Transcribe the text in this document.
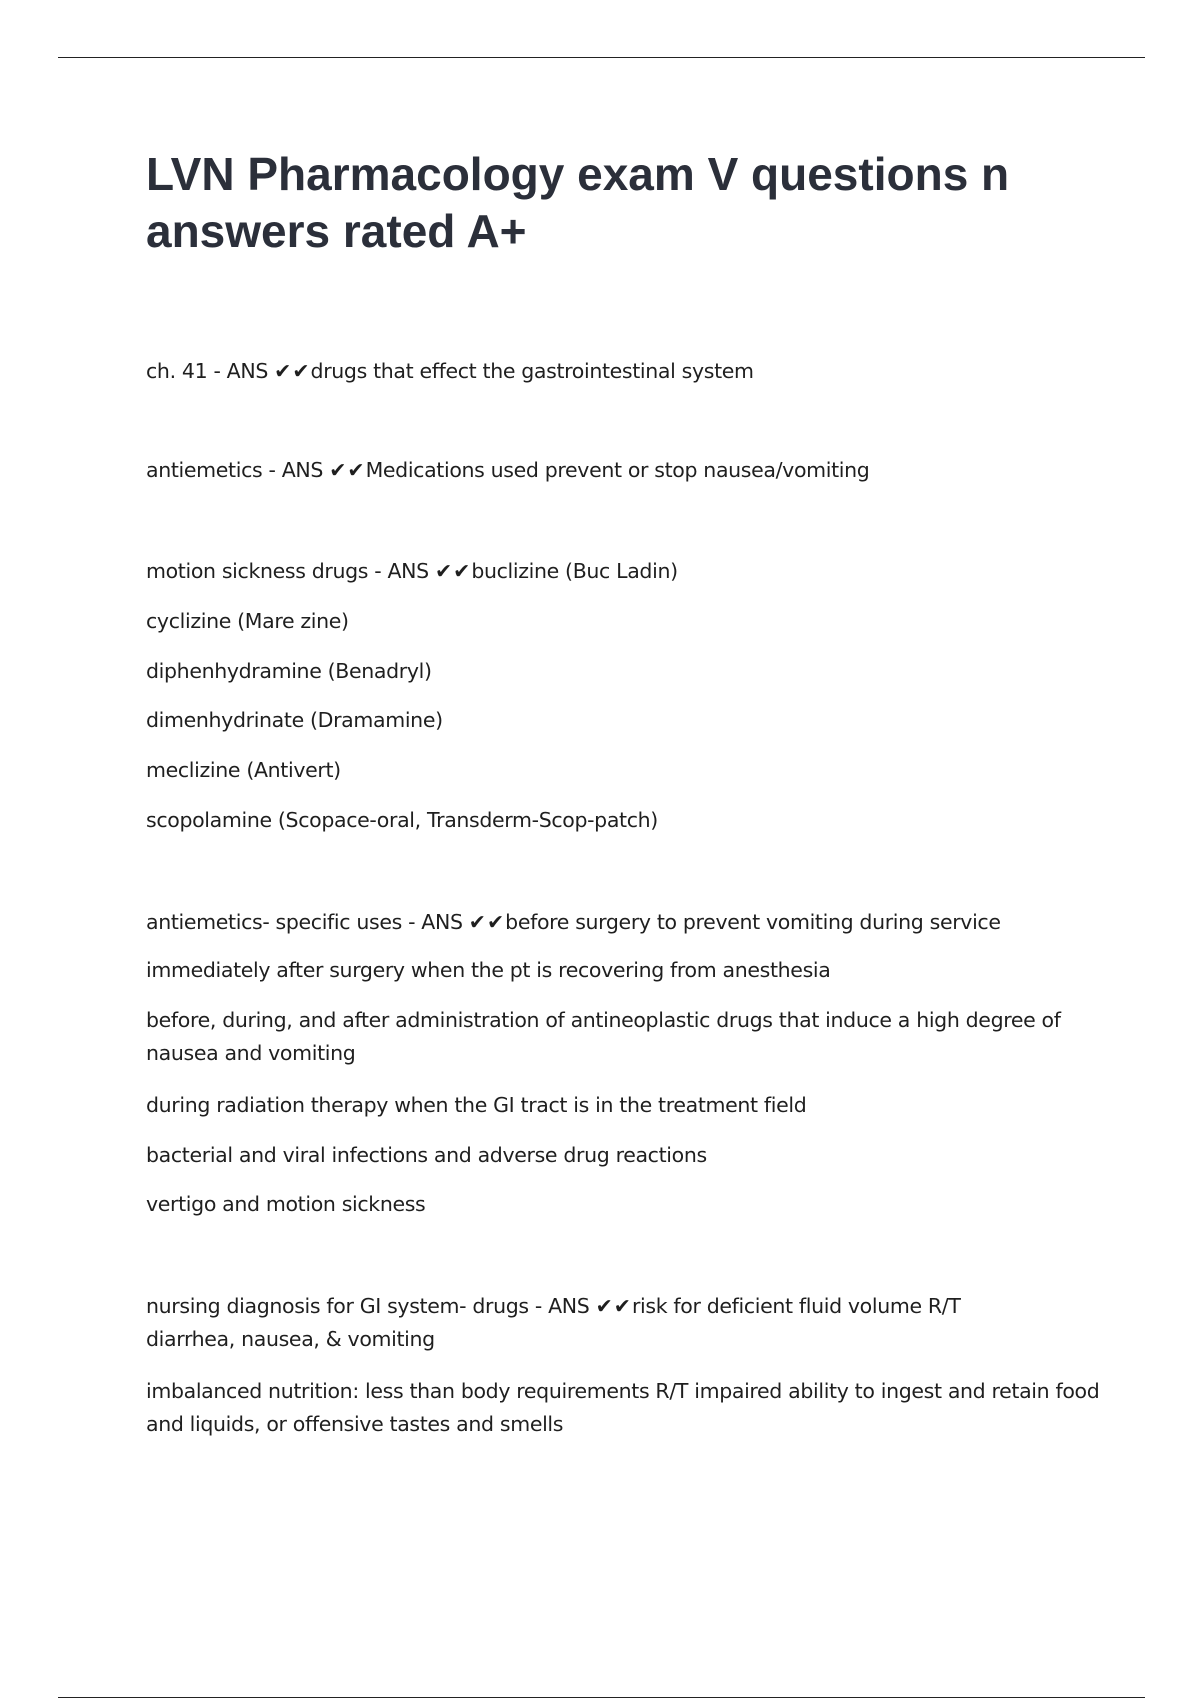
LVN Pharmacology exam V questions n answers rated A+

ch. 41 - ANS ✔✔drugs that effect the gastrointestinal system

antiemetics - ANS ✔✔Medications used prevent or stop nausea/vomiting

motion sickness drugs - ANS ✔✔buclizine (Buc Ladin)

cyclizine (Mare zine)

diphenhydramine (Benadryl)

dimenhydrinate (Dramamine)

meclizine (Antivert)

scopolamine (Scopace-oral, Transderm-Scop-patch)

antiemetics- specific uses - ANS ✔✔before surgery to prevent vomiting during service

immediately after surgery when the pt is recovering from anesthesia

before, during, and after administration of antineoplastic drugs that induce a high degree of nausea and vomiting

during radiation therapy when the GI tract is in the treatment field

bacterial and viral infections and adverse drug reactions

vertigo and motion sickness

nursing diagnosis for GI system- drugs - ANS ✔✔risk for deficient fluid volume R/T diarrhea, nausea, & vomiting

imbalanced nutrition: less than body requirements R/T impaired ability to ingest and retain food and liquids, or offensive tastes and smells
